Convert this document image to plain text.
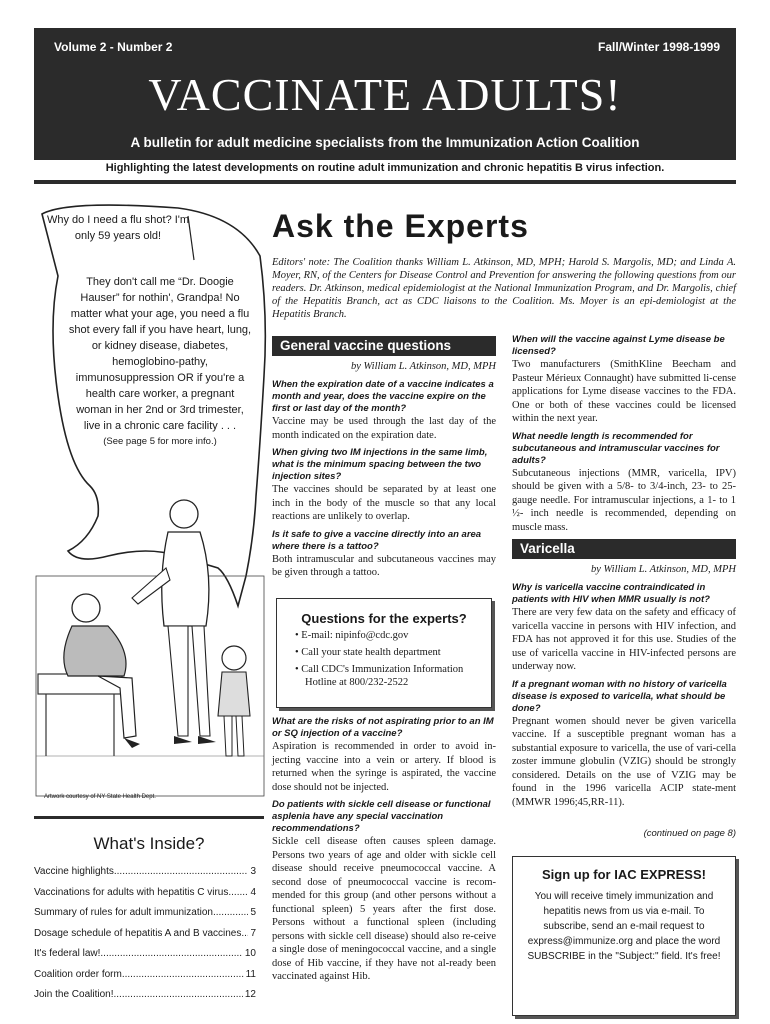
Volume 2 - Number 2	Fall/Winter 1998-1999
VACCINATE ADULTS!
A bulletin for adult medicine specialists from the Immunization Action Coalition
Highlighting the latest developments on routine adult immunization and chronic hepatitis B virus infection.
Why do I need a flu shot? I'm only 59 years old!
They don't call me “Dr. Doogie Hauser” for nothin', Grandpa! No matter what your age, you need a flu shot every fall if you have heart, lung, or kidney disease, diabetes, hemoglobino-pathy, immunosuppression OR if you're a health care worker, a pregnant woman in her 2nd or 3rd trimester, live in a chronic care facility . . .
(See page 5 for more info.)
Artwork courtesy of NY State Health Dept.
What's Inside?
Vaccine highlights .....	3
Vaccinations for adults with hepatitis C virus ..... 4
Summary of rules for adult immunization .....	5
Dosage schedule of hepatitis A and B vaccines ..... 7
It's federal law! .....	10
Coalition order form .....	11
Join the Coalition! .....	12
Ask the Experts
Editors' note: The Coalition thanks William L. Atkinson, MD, MPH; Harold S. Margolis, MD; and Linda A. Moyer, RN, of the Centers for Disease Control and Prevention for answering the following questions from our readers. Dr. Atkinson, medical epidemiologist at the National Immunization Program, and Dr. Margolis, chief of the Hepatitis Branch, act as CDC liaisons to the Coalition. Ms. Moyer is an epi-demiologist at the Hepatitis Branch.
General vaccine questions
by William L. Atkinson, MD, MPH

When the expiration date of a vaccine indicates a month and year, does the vaccine expire on the first or last day of the month?

Vaccine may be used through the last day of the month indicated on the expiration date.

When giving two IM injections in the same limb, what is the minimum spacing between the two injection sites?

The vaccines should be separated by at least one inch in the body of the muscle so that any local reactions are unlikely to overlap.

Is it safe to give a vaccine directly into an area where there is a tattoo?

Both intramuscular and subcutaneous vaccines may be given through a tattoo.

Questions for the experts?
• E-mail: nipinfo@cdc.gov
• Call your state health department
• Call CDC's Immunization Information Hotline at 800/232-2522

What are the risks of not aspirating prior to an IM or SQ injection of a vaccine?

Aspiration is recommended in order to avoid in-jecting vaccine into a vein or artery. If blood is returned when the syringe is aspirated, the vaccine dose should not be injected.

Do patients with sickle cell disease or functional asplenia have any special vaccination recommendations?

Sickle cell disease often causes spleen damage. Persons two years of age and older with sickle cell disease should receive pneumococcal vaccine. A second dose of pneumococcal vaccine is recom-mended for this group (and other persons without a functional spleen) 5 years after the first dose. Persons without a functional spleen (including persons with sickle cell disease) should also re-ceive a single dose of meningococcal vaccine, and a single dose of Hib vaccine, if they have not al-ready been vaccinated against Hib.

When will the vaccine against Lyme disease be licensed?

Two manufacturers (SmithKline Beecham and Pasteur Mérieux Connaught) have submitted li-cense applications for Lyme disease vaccines to the FDA. One or both of these vaccines could be licensed within the next year.

What needle length is recommended for subcutaneous and intramuscular vaccines for adults?

Subcutaneous injections (MMR, varicella, IPV) should be given with a 5/8- to 3/4-inch, 23- to 25-gauge needle. For intramuscular injections, a 1- to 1 ½- inch needle is recommended, depending on muscle mass.

Varicella
by William L. Atkinson, MD, MPH

Why is varicella vaccine contraindicated in patients with HIV when MMR usually is not?

There are very few data on the safety and efficacy of varicella vaccine in persons with HIV infection, and FDA has not approved it for this use. Studies of the use of varicella vaccine in HIV-infected persons are underway now.

If a pregnant woman with no history of varicella disease is exposed to varicella, what should be done?

Pregnant women should never be given varicella vaccine. If a susceptible pregnant woman has a substantial exposure to varicella, the use of vari-cella zoster immune globulin (VZIG) should be strongly considered. Details on the use of VZIG may be found in the 1996 varicella ACIP state-ment (MMWR 1996;45,RR-11).

(continued on page 8)
Sign up for IAC EXPRESS!
You will receive timely immunization and hepatitis news from us via e-mail. To subscribe, send an e-mail request to express@immunize.org and place the word SUBSCRIBE in the "Subject:" field. It's free!
